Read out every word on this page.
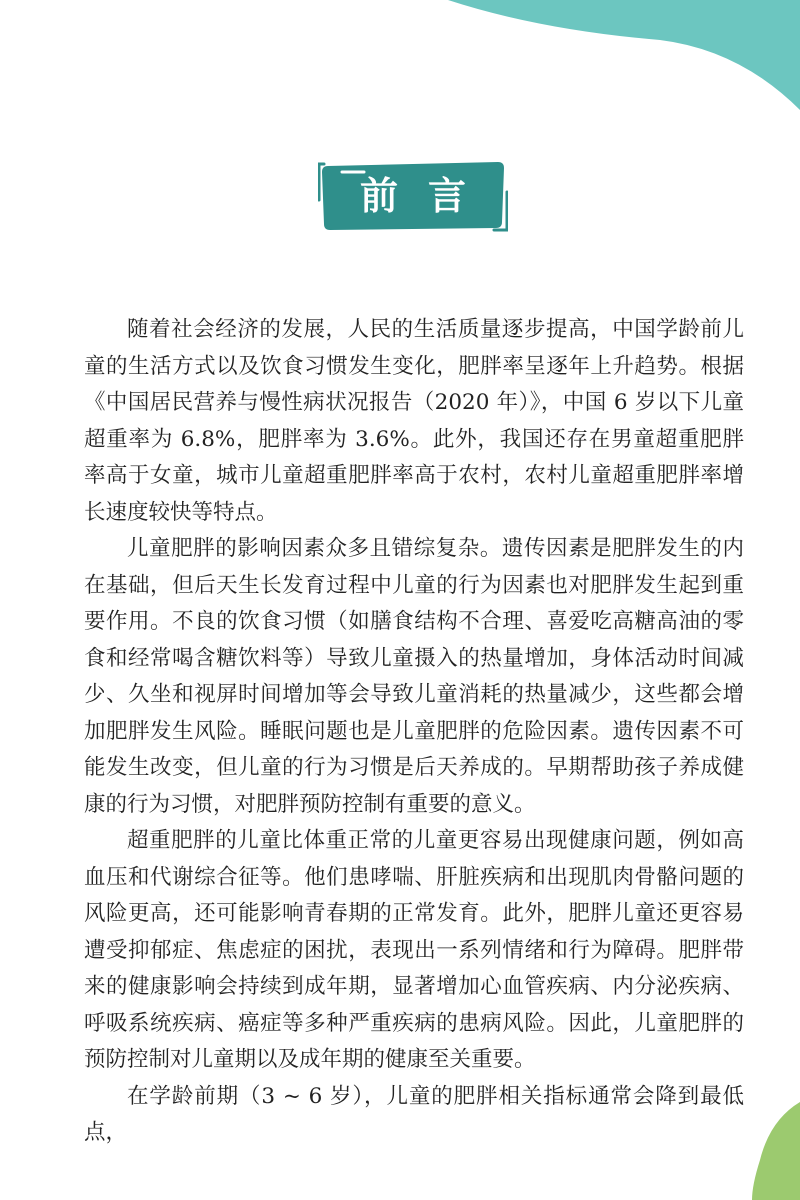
前言

随着社会经济的发展，人民的生活质量逐步提高，中国学龄前儿童的生活方式以及饮食习惯发生变化，肥胖率呈逐年上升趋势。根据《中国居民营养与慢性病状况报告（2020 年）》，中国 6 岁以下儿童超重率为 6.8%，肥胖率为 3.6%。此外，我国还存在男童超重肥胖率高于女童，城市儿童超重肥胖率高于农村，农村儿童超重肥胖率增长速度较快等特点。

儿童肥胖的影响因素众多且错综复杂。遗传因素是肥胖发生的内在基础，但后天生长发育过程中儿童的行为因素也对肥胖发生起到重要作用。不良的饮食习惯（如膳食结构不合理、喜爱吃高糖高油的零食和经常喝含糖饮料等）导致儿童摄入的热量增加，身体活动时间减少、久坐和视屏时间增加等会导致儿童消耗的热量减少，这些都会增加肥胖发生风险。睡眠问题也是儿童肥胖的危险因素。遗传因素不可能发生改变，但儿童的行为习惯是后天养成的。早期帮助孩子养成健康的行为习惯，对肥胖预防控制有重要的意义。

超重肥胖的儿童比体重正常的儿童更容易出现健康问题，例如高血压和代谢综合征等。他们患哮喘、肝脏疾病和出现肌肉骨骼问题的风险更高，还可能影响青春期的正常发育。此外，肥胖儿童还更容易遭受抑郁症、焦虑症的困扰，表现出一系列情绪和行为障碍。肥胖带来的健康影响会持续到成年期，显著增加心血管疾病、内分泌疾病、呼吸系统疾病、癌症等多种严重疾病的患病风险。因此，儿童肥胖的预防控制对儿童期以及成年期的健康至关重要。

在学龄前期（3 ~ 6 岁），儿童的肥胖相关指标通常会降到最低点，
